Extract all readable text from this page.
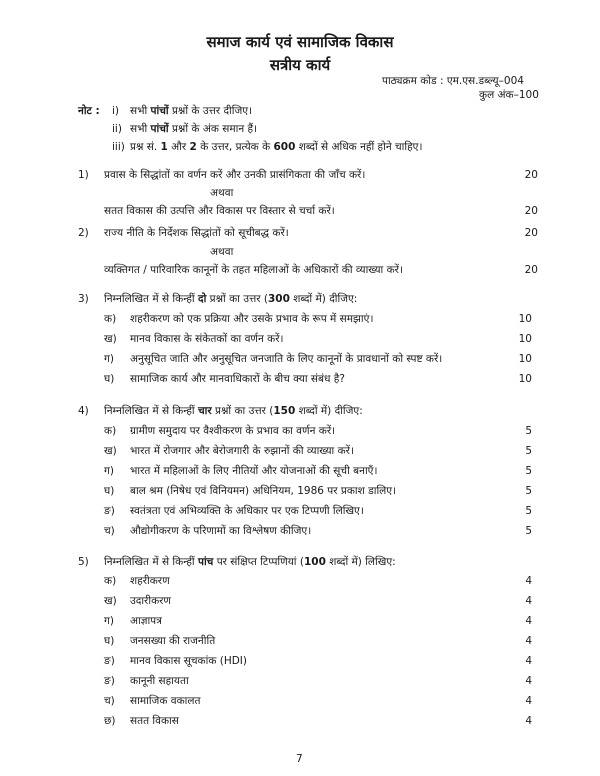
समाज कार्य एवं सामाजिक विकास
सत्रीय कार्य
पाठ्यक्रम कोड : एम.एस.डब्ल्यू–004
कुल अंक–100
नोट : i) सभी पांचों प्रश्नों के उत्तर दीजिए।
ii) सभी पांचों प्रश्नों के अंक समान हैं।
iii) प्रश्न सं. 1 और 2 के उत्तर, प्रत्येक के 600 शब्दों से अधिक नहीं होने चाहिए।
1) प्रवास के सिद्धांतों का वर्णन करें और उनकी प्रासंगिकता की जाँच करें।	20
अथवा
सतत विकास की उत्पत्ति और विकास पर विस्तार से चर्चा करें।	20
2) राज्य नीति के निर्देशक सिद्धांतों को सूचीबद्ध करें।	20
अथवा
व्यक्तिगत / पारिवारिक कानूनों के तहत महिलाओं के अधिकारों की व्याख्या करें।	20
3) निम्नलिखित में से किन्हीं दो प्रश्नों का उत्तर (300 शब्दों में) दीजिए:
क) शहरीकरण को एक प्रक्रिया और उसके प्रभाव के रूप में समझाएं।	10
ख) मानव विकास के संकेतकों का वर्णन करें।	10
ग) अनुसूचित जाति और अनुसूचित जनजाति के लिए कानूनों के प्रावधानों को स्पष्ट करें।	10
घ) सामाजिक कार्य और मानवाधिकारों के बीच क्या संबंध है?	10
4) निम्नलिखित में से किन्हीं चार प्रश्नों का उत्तर (150 शब्दों में) दीजिए:
क) ग्रामीण समुदाय पर वैश्वीकरण के प्रभाव का वर्णन करें।	5
ख) भारत में रोजगार और बेरोजगारी के रुझानों की व्याख्या करें।	5
ग) भारत में महिलाओं के लिए नीतियों और योजनाओं की सूची बनाएँ।	5
घ) बाल श्रम (निषेध एवं विनियमन) अधिनियम, 1986 पर प्रकाश डालिए।	5
ङ) स्वतंत्रता एवं अभिव्यक्ति के अधिकार पर एक टिप्पणी लिखिए।	5
च) औद्योगीकरण के परिणामों का विश्लेषण कीजिए।	5
5) निम्नलिखित में से किन्हीं पांच पर संक्षिप्त टिप्पणियां (100 शब्दों में) लिखिए:
क) शहरीकरण	4
ख) उदारीकरण	4
ग) आज्ञापत्र	4
घ) जनसख्या की राजनीति	4
ङ) मानव विकास सूचकांक (HDI)	4
ङ) कानूनी सहायता	4
च) सामाजिक वकालत	4
छ) सतत विकास	4
7
